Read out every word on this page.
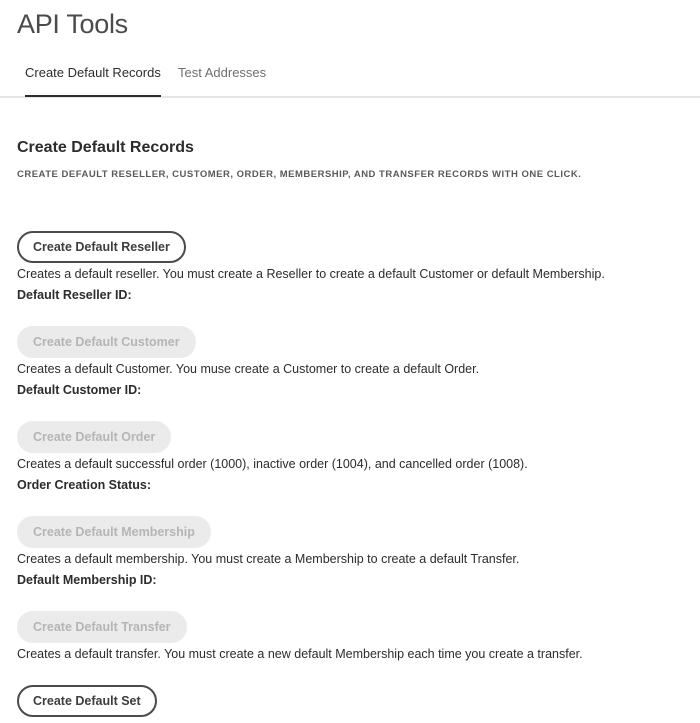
API Tools
Create Default Records Test Addresses
Create Default Records

CREATE DEFAULT RESELLER, CUSTOMER, ORDER, MEMBERSHIP, AND TRANSFER RECORDS WITH ONE CLICK.

Create Default Reseller

Creates a default reseller. You must create a Reseller to create a default Customer or default Membership.

Default Reseller ID:

Create Default Customer

Creates a default Customer. You muse create a Customer to create a default Order.

Default Customer ID:

Create Default Order

Creates a default successful order (1000), inactive order (1004), and cancelled order (1008).

Order Creation Status:

Create Default Membership

Creates a default membership. You must create a Membership to create a default Transfer.

Default Membership ID:

Create Default Transfer

Creates a default transfer. You must create a new default Membership each time you create a transfer.

Create Default Set
